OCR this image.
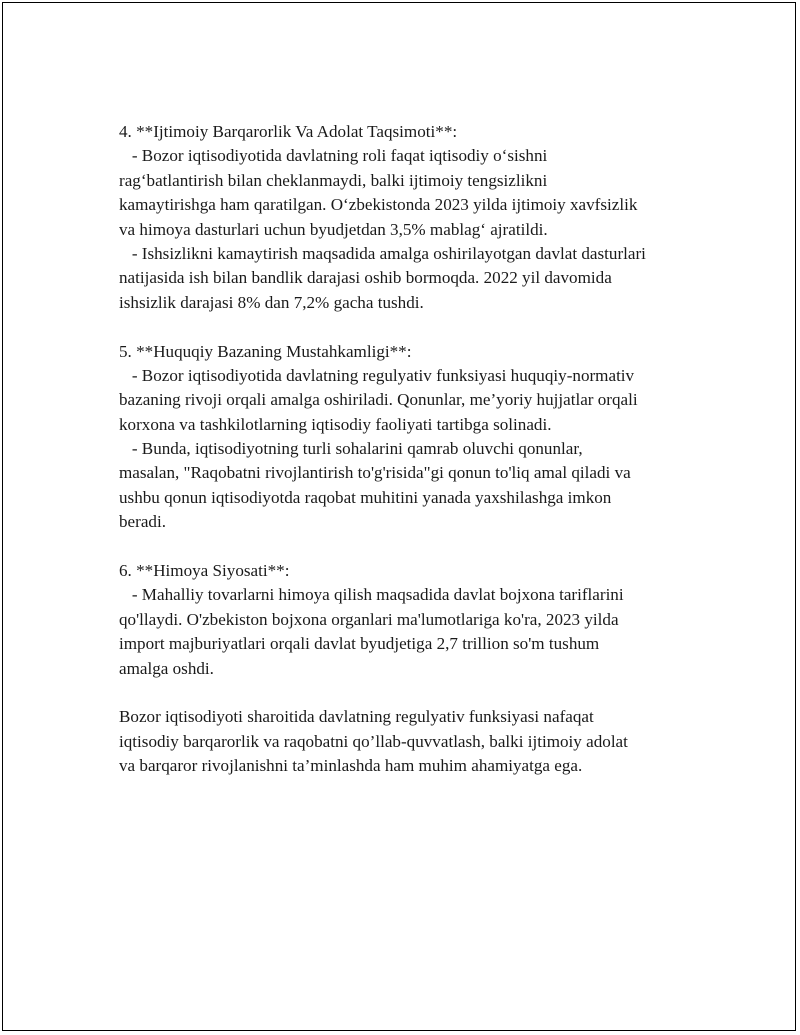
4. **Ijtimoiy Barqarorlik Va Adolat Taqsimoti**:
- Bozor iqtisodiyotida davlatning roli faqat iqtisodiy o‘sishni
rag‘batlantirish bilan cheklanmaydi, balki ijtimoiy tengsizlikni
kamaytirishga ham qaratilgan. O‘zbekistonda 2023 yilda ijtimoiy xavfsizlik
va himoya dasturlari uchun byudjetdan 3,5% mablag‘ ajratildi.
- Ishsizlikni kamaytirish maqsadida amalga oshirilayotgan davlat dasturlari
natijasida ish bilan bandlik darajasi oshib bormoqda. 2022 yil davomida
ishsizlik darajasi 8% dan 7,2% gacha tushdi.
5. **Huquqiy Bazaning Mustahkamligi**:
- Bozor iqtisodiyotida davlatning regulyativ funksiyasi huquqiy-normativ
bazaning rivoji orqali amalga oshiriladi. Qonunlar, me’yoriy hujjatlar orqali
korxona va tashkilotlarning iqtisodiy faoliyati tartibga solinadi.
- Bunda, iqtisodiyotning turli sohalarini qamrab oluvchi qonunlar,
masalan, "Raqobatni rivojlantirish to'g'risida"gi qonun to'liq amal qiladi va
ushbu qonun iqtisodiyotda raqobat muhitini yanada yaxshilashga imkon
beradi.
6. **Himoya Siyosati**:
- Mahalliy tovarlarni himoya qilish maqsadida davlat bojxona tariflarini
qo'llaydi. O'zbekiston bojxona organlari ma'lumotlariga ko'ra, 2023 yilda
import majburiyatlari orqali davlat byudjetiga 2,7 trillion so'm tushum
amalga oshdi.
Bozor iqtisodiyoti sharoitida davlatning regulyativ funksiyasi nafaqat
iqtisodiy barqarorlik va raqobatni qo’llab-quvvatlash, balki ijtimoiy adolat
va barqaror rivojlanishni ta’minlashda ham muhim ahamiyatga ega.
